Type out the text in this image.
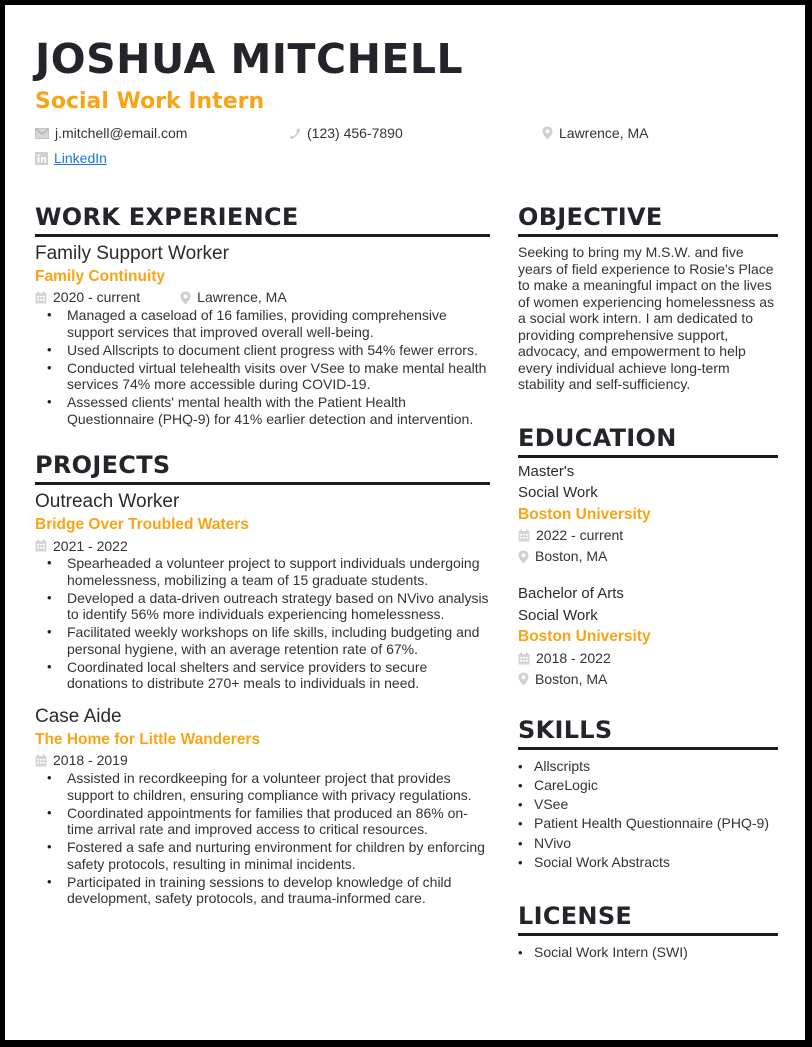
JOSHUA MITCHELL
Social Work Intern
j.mitchell@email.com	(123) 456-7890	Lawrence, MA
LinkedIn
WORK EXPERIENCE
Family Support Worker
Family Continuity
2020 - current	Lawrence, MA
• Managed a caseload of 16 families, providing comprehensive support services that improved overall well-being.
• Used Allscripts to document client progress with 54% fewer errors.
• Conducted virtual telehealth visits over VSee to make mental health services 74% more accessible during COVID-19.
• Assessed clients' mental health with the Patient Health Questionnaire (PHQ-9) for 41% earlier detection and intervention.
PROJECTS
Outreach Worker
Bridge Over Troubled Waters
2021 - 2022
• Spearheaded a volunteer project to support individuals undergoing homelessness, mobilizing a team of 15 graduate students.
• Developed a data-driven outreach strategy based on NVivo analysis to identify 56% more individuals experiencing homelessness.
• Facilitated weekly workshops on life skills, including budgeting and personal hygiene, with an average retention rate of 67%.
• Coordinated local shelters and service providers to secure donations to distribute 270+ meals to individuals in need.
Case Aide
The Home for Little Wanderers
2018 - 2019
• Assisted in recordkeeping for a volunteer project that provides support to children, ensuring compliance with privacy regulations.
• Coordinated appointments for families that produced an 86% on-time arrival rate and improved access to critical resources.
• Fostered a safe and nurturing environment for children by enforcing safety protocols, resulting in minimal incidents.
• Participated in training sessions to develop knowledge of child development, safety protocols, and trauma-informed care.
OBJECTIVE

Seeking to bring my M.S.W. and five years of field experience to Rosie's Place to make a meaningful impact on the lives of women experiencing homelessness as a social work intern. I am dedicated to providing comprehensive support, advocacy, and empowerment to help every individual achieve long-term stability and self-sufficiency.

EDUCATION
Master's
Social Work
Boston University
2022 - current
Boston, MA
Bachelor of Arts
Social Work
Boston University
2018 - 2022
Boston, MA
SKILLS
• Allscripts
• CareLogic
• VSee
• Patient Health Questionnaire (PHQ-9)
• NVivo
• Social Work Abstracts
LICENSE
• Social Work Intern (SWI)
